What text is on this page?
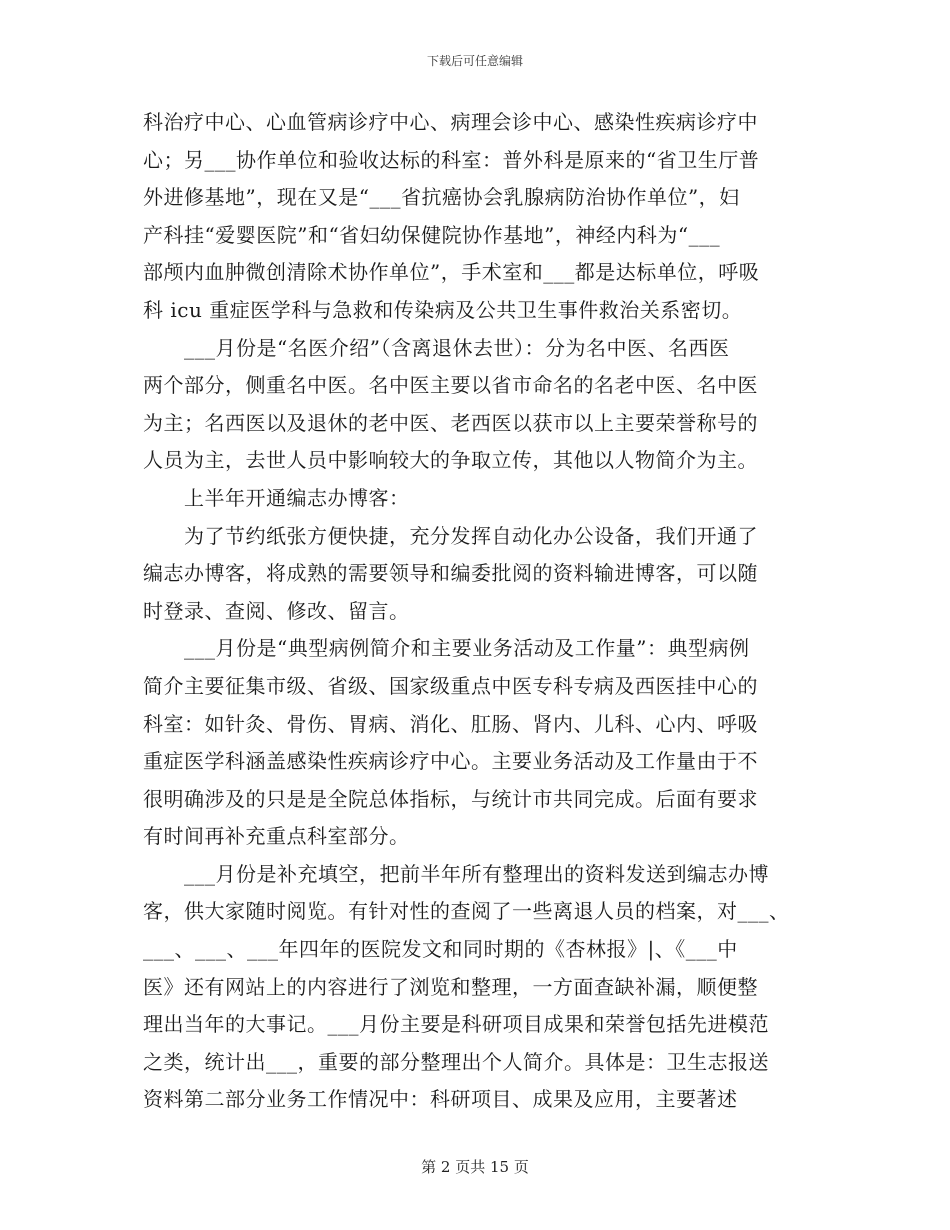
下载后可任意编辑
科治疗中心、心血管病诊疗中心、病理会诊中心、感染性疾病诊疗中
心；另___协作单位和验收达标的科室：普外科是原来的“省卫生厅普
外进修基地”，现在又是“___省抗癌协会乳腺病防治协作单位”，妇
产科挂“爱婴医院”和“省妇幼保健院协作基地”，神经内科为“___
部颅内血肿微创清除术协作单位”，手术室和___都是达标单位，呼吸
科 icu 重症医学科与急救和传染病及公共卫生事件救治关系密切。
　　___月份是“名医介绍”（含离退休去世）：分为名中医、名西医
两个部分，侧重名中医。名中医主要以省市命名的名老中医、名中医
为主；名西医以及退休的老中医、老西医以获市以上主要荣誉称号的
人员为主，去世人员中影响较大的争取立传，其他以人物简介为主。
　　上半年开通编志办博客：
　　为了节约纸张方便快捷，充分发挥自动化办公设备，我们开通了
编志办博客，将成熟的需要领导和编委批阅的资料输进博客，可以随
时登录、查阅、修改、留言。
　　___月份是“典型病例简介和主要业务活动及工作量”：典型病例
简介主要征集市级、省级、国家级重点中医专科专病及西医挂中心的
科室：如针灸、骨伤、胃病、消化、肛肠、肾内、儿科、心内、呼吸
重症医学科涵盖感染性疾病诊疗中心。主要业务活动及工作量由于不
很明确涉及的只是是全院总体指标，与统计市共同完成。后面有要求
有时间再补充重点科室部分。
　　___月份是补充填空，把前半年所有整理出的资料发送到编志办博
客，供大家随时阅览。有针对性的查阅了一些离退人员的档案，对___、
___、___、___年四年的医院发文和同时期的《杏林报》|、《___中
医》还有网站上的内容进行了浏览和整理，一方面查缺补漏，顺便整
理出当年的大事记。___月份主要是科研项目成果和荣誉包括先进模范
之类，统计出___，重要的部分整理出个人简介。具体是：卫生志报送
资料第二部分业务工作情况中：科研项目、成果及应用，主要著述
第 2 页共 15 页
